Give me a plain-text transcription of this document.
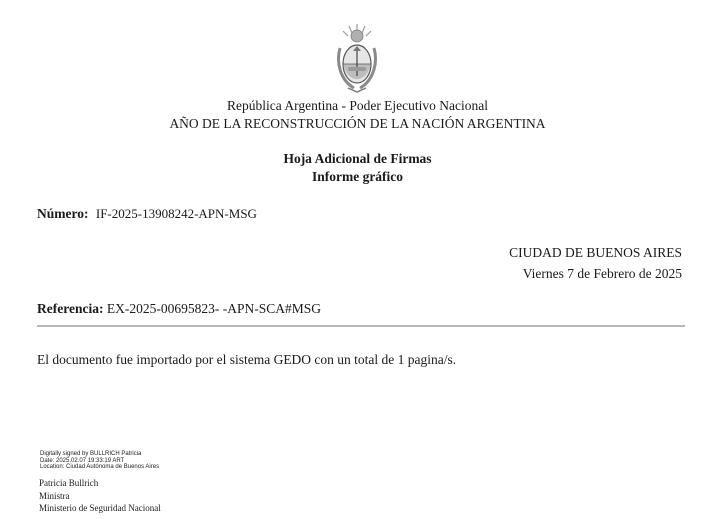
República Argentina - Poder Ejecutivo Nacional
AÑO DE LA RECONSTRUCCIÓN DE LA NACIÓN ARGENTINA
Hoja Adicional de Firmas
Informe gráfico
Número: IF-2025-13908242-APN-MSG
CIUDAD DE BUENOS AIRES
Viernes 7 de Febrero de 2025
Referencia: EX-2025-00695823- -APN-SCA#MSG
El documento fue importado por el sistema GEDO con un total de 1 pagina/s.
Digitally signed by BULLRICH Patricia
Date: 2025.02.07 19:33:19 ART
Location: Ciudad Autónoma de Buenos Aires
Patricia Bullrich
Ministra
Ministerio de Seguridad Nacional
